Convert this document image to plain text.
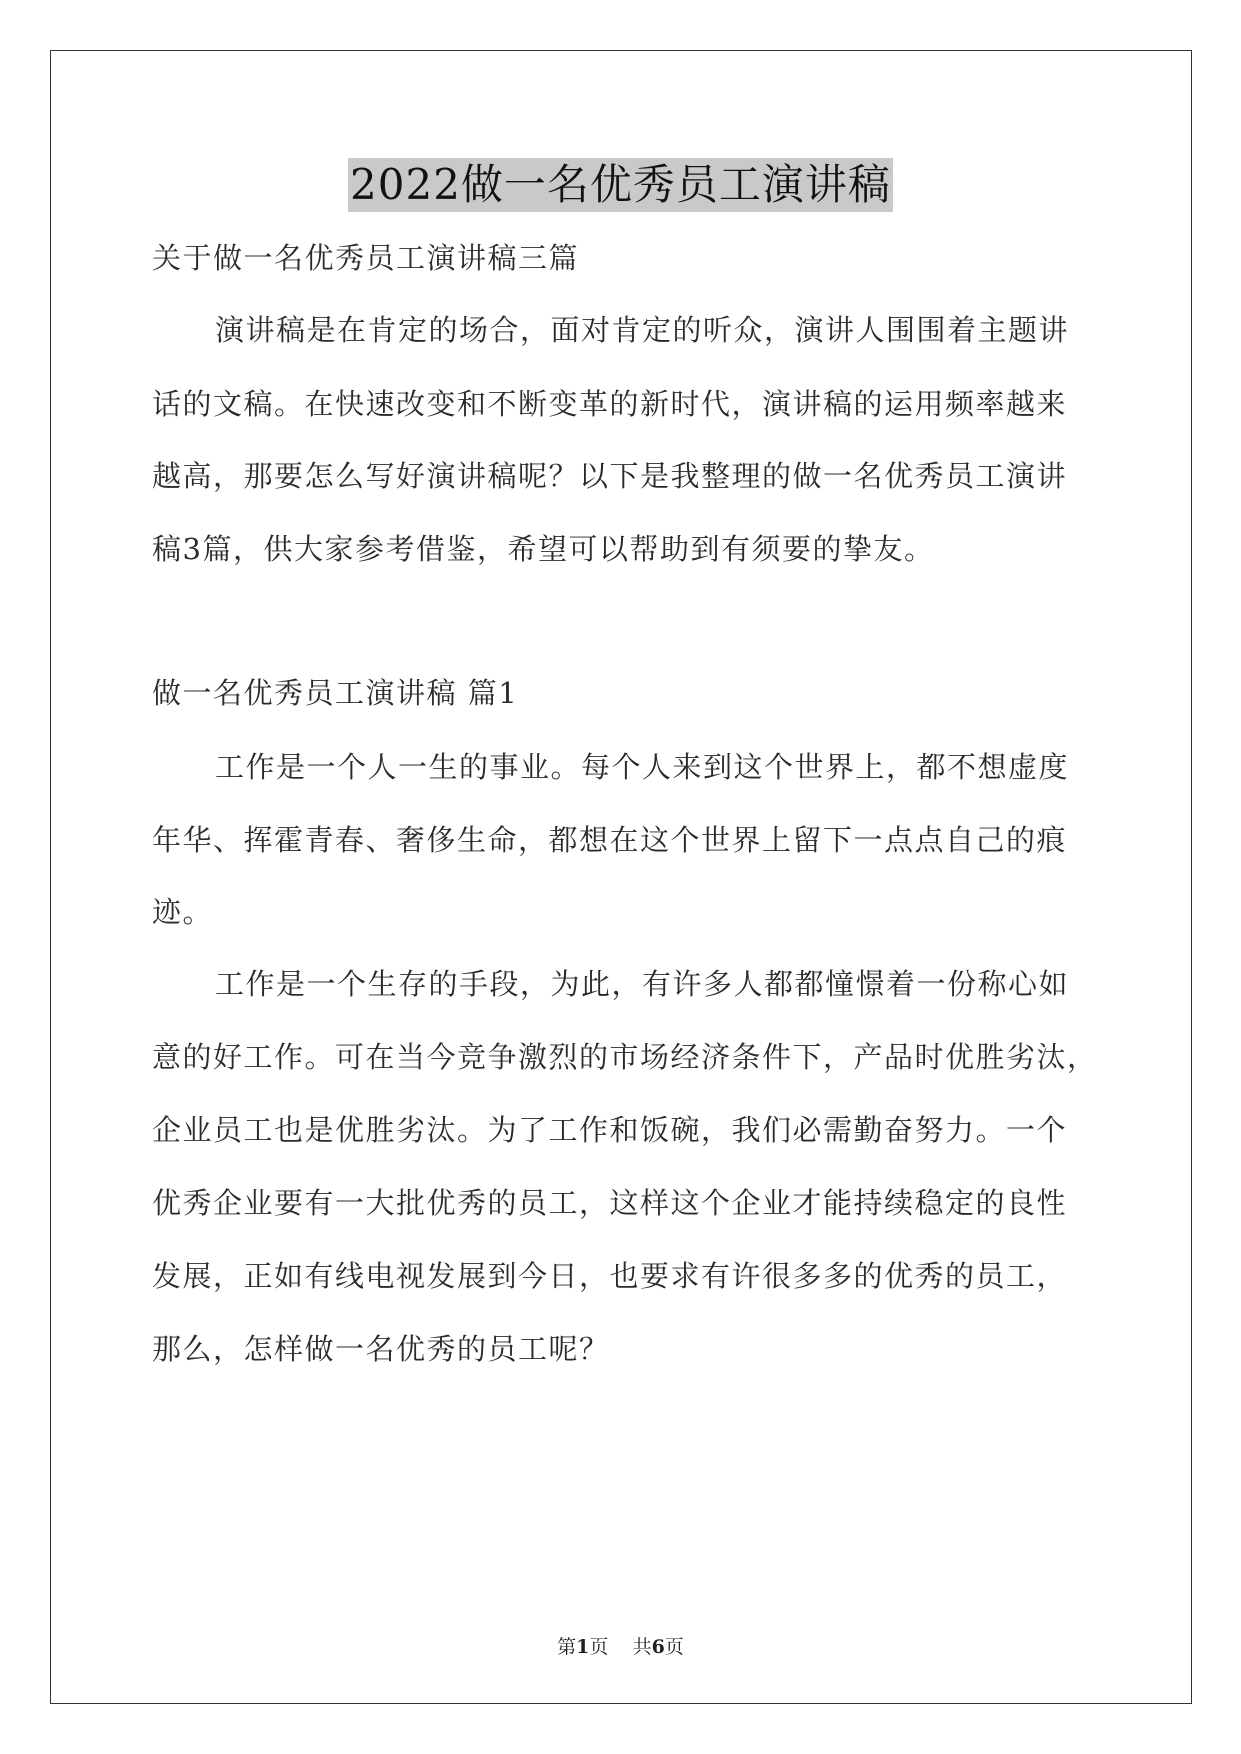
2022做一名优秀员工演讲稿
关于做一名优秀员工演讲稿三篇
演讲稿是在肯定的场合，面对肯定的听众，演讲人围围着主题讲
话的文稿。在快速改变和不断变革的新时代，演讲稿的运用频率越来
越高，那要怎么写好演讲稿呢？以下是我整理的做一名优秀员工演讲
稿3篇，供大家参考借鉴，希望可以帮助到有须要的挚友。
做一名优秀员工演讲稿 篇1
工作是一个人一生的事业。每个人来到这个世界上，都不想虚度
年华、挥霍青春、奢侈生命，都想在这个世界上留下一点点自己的痕
迹。
工作是一个生存的手段，为此，有许多人都都憧憬着一份称心如
意的好工作。可在当今竞争激烈的市场经济条件下，产品时优胜劣汰，
企业员工也是优胜劣汰。为了工作和饭碗，我们必需勤奋努力。一个
优秀企业要有一大批优秀的员工，这样这个企业才能持续稳定的良性
发展，正如有线电视发展到今日，也要求有许很多多的优秀的员工，
那么，怎样做一名优秀的员工呢？
第1页 共6页
